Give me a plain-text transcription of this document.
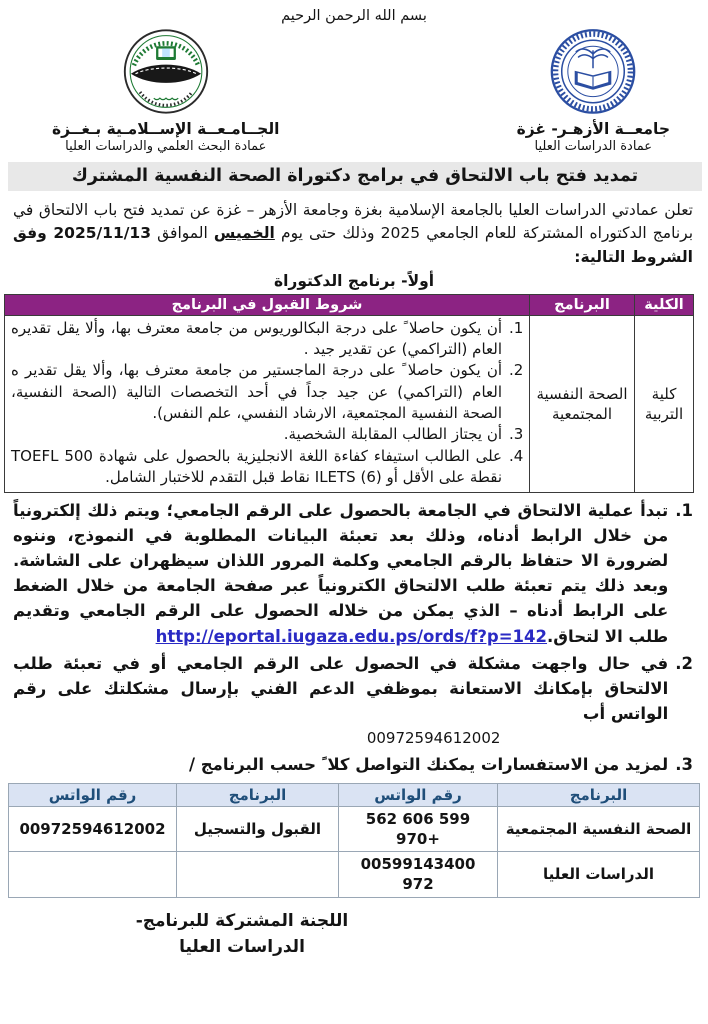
بسم الله الرحمن الرحيم
الجــامـعــة الإســلامـية بـغــزة
عمادة البحث العلمي والدراسات العليا
جامعــة الأزهـر- غزة
عمادة الدراسات العليا
تمديد فتح باب الالتحاق في برامج دكتوراة الصحة النفسية المشترك

تعلن عمادتي الدراسات العليا بالجامعة الإسلامية بغزة وجامعة الأزهر – غزة عن تمديد فتح باب الالتحاق في برنامج الدكتوراه المشتركة للعام الجامعي 2025 وذلك حتى يوم الخميس الموافق 2025/11/13 وفق الشروط التالية:

أولاً- برنامج الدكتوراة
الكلية	البرنامج	شروط القبول في البرنامج
كلية التربية	الصحة النفسية المجتمعية	
1.
أن يكون حاصلا ً على درجة البكالوريوس من جامعة معترف بها، وألا يقل تقديره العام (التراكمي) عن تقدير جيد .
2.
أن يكون حاصلا ً على درجة الماجستير من جامعة معترف بها، وألا يقل تقدير ه العام (التراكمي) عن جيد جداً في أحد التخصصات التالية (الصحة النفسية، الصحة النفسية المجتمعية، الارشاد النفسي، علم النفس).
3.
أن يجتاز الطالب المقابلة الشخصية.
4.
على الطالب استيفاء كفاءة اللغة الانجليزية بالحصول على شهادة TOEFL 500 نقطة على الأقل أو ILETS (6) نقاط قبل التقدم للاختبار الشامل.
1.
تبدأ عملية الالتحاق في الجامعة بالحصول على الرقم الجامعي؛ ويتم ذلك إلكترونياً من خلال الرابط أدناه، وذلك بعد تعبئة البيانات المطلوبة في النموذج، وننوه لضرورة الا حتفاظ بالرقم الجامعي وكلمة المرور اللذان سيظهران على الشاشة. وبعد ذلك يتم تعبئة طلب الالتحاق الكترونياً عبر صفحة الجامعة من خلال الضغط على الرابط أدناه – الذي يمكن من خلاله الحصول على الرقم الجامعي وتقديم طلب الا لتحاق.http://eportal.iugaza.edu.ps/ords/f?p=142
2.
في حال واجهت مشكلة في الحصول على الرقم الجامعي أو في تعبئة طلب الالتحاق بإمكانك الاستعانة بموظفي الدعم الفني بإرسال مشكلتك على رقم الواتس أب
00972594612002
3.
لمزيد من الاستفسارات يمكنك التواصل كلا ً حسب البرنامج /
البرنامج	رقم الواتس	البرنامج	رقم الواتس
الصحة النفسية المجتمعية	562 606 599 970+	القبول والتسجيل	00972594612002
الدراسات العليا	00599143400 972		
اللجنة المشتركة للبرنامج-
الدراسات العليا
